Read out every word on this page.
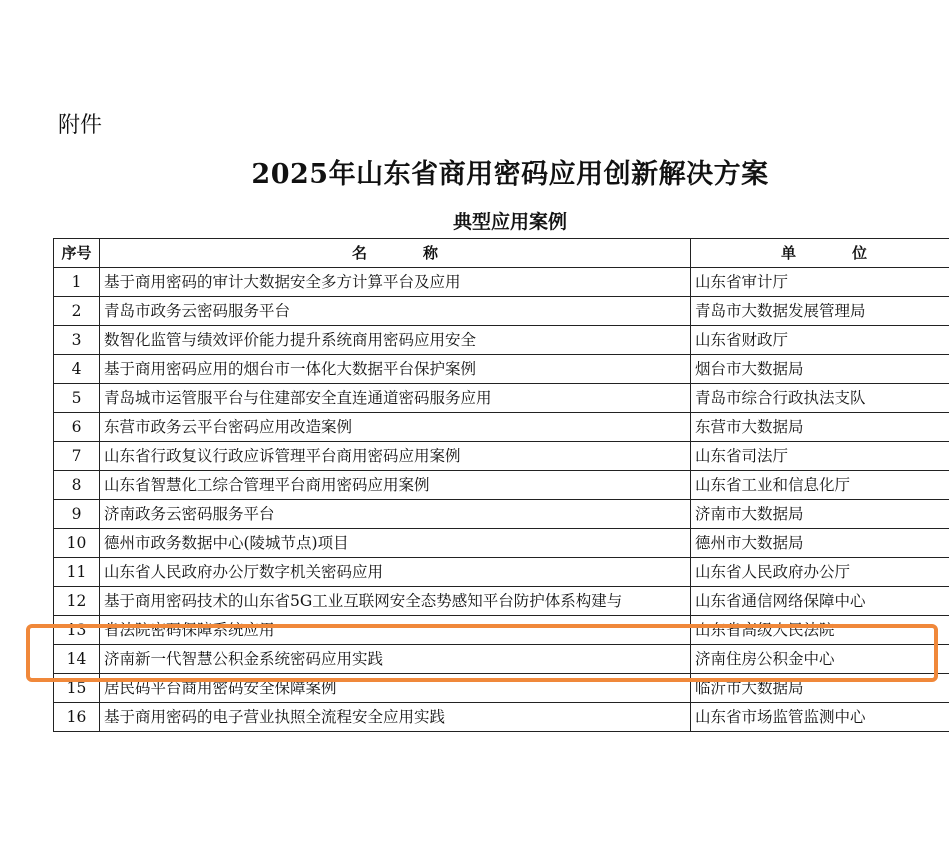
附件
2025年山东省商用密码应用创新解决方案
典型应用案例
序号	名 称	单 位
1	基于商用密码的审计大数据安全多方计算平台及应用	山东省审计厅
2	青岛市政务云密码服务平台	青岛市大数据发展管理局
3	数智化监管与绩效评价能力提升系统商用密码应用安全	山东省财政厅
4	基于商用密码应用的烟台市一体化大数据平台保护案例	烟台市大数据局
5	青岛城市运管服平台与住建部安全直连通道密码服务应用	青岛市综合行政执法支队
6	东营市政务云平台密码应用改造案例	东营市大数据局
7	山东省行政复议行政应诉管理平台商用密码应用案例	山东省司法厅
8	山东省智慧化工综合管理平台商用密码应用案例	山东省工业和信息化厅
9	济南政务云密码服务平台	济南市大数据局
10	德州市政务数据中心(陵城节点)项目	德州市大数据局
11	山东省人民政府办公厅数字机关密码应用	山东省人民政府办公厅
12	基于商用密码技术的山东省5G工业互联网安全态势感知平台防护体系构建与	山东省通信网络保障中心
13	省法院密码保障系统应用	山东省高级人民法院
14	济南新一代智慧公积金系统密码应用实践	济南住房公积金中心
15	居民码平台商用密码安全保障案例	临沂市大数据局
16	基于商用密码的电子营业执照全流程安全应用实践	山东省市场监管监测中心
